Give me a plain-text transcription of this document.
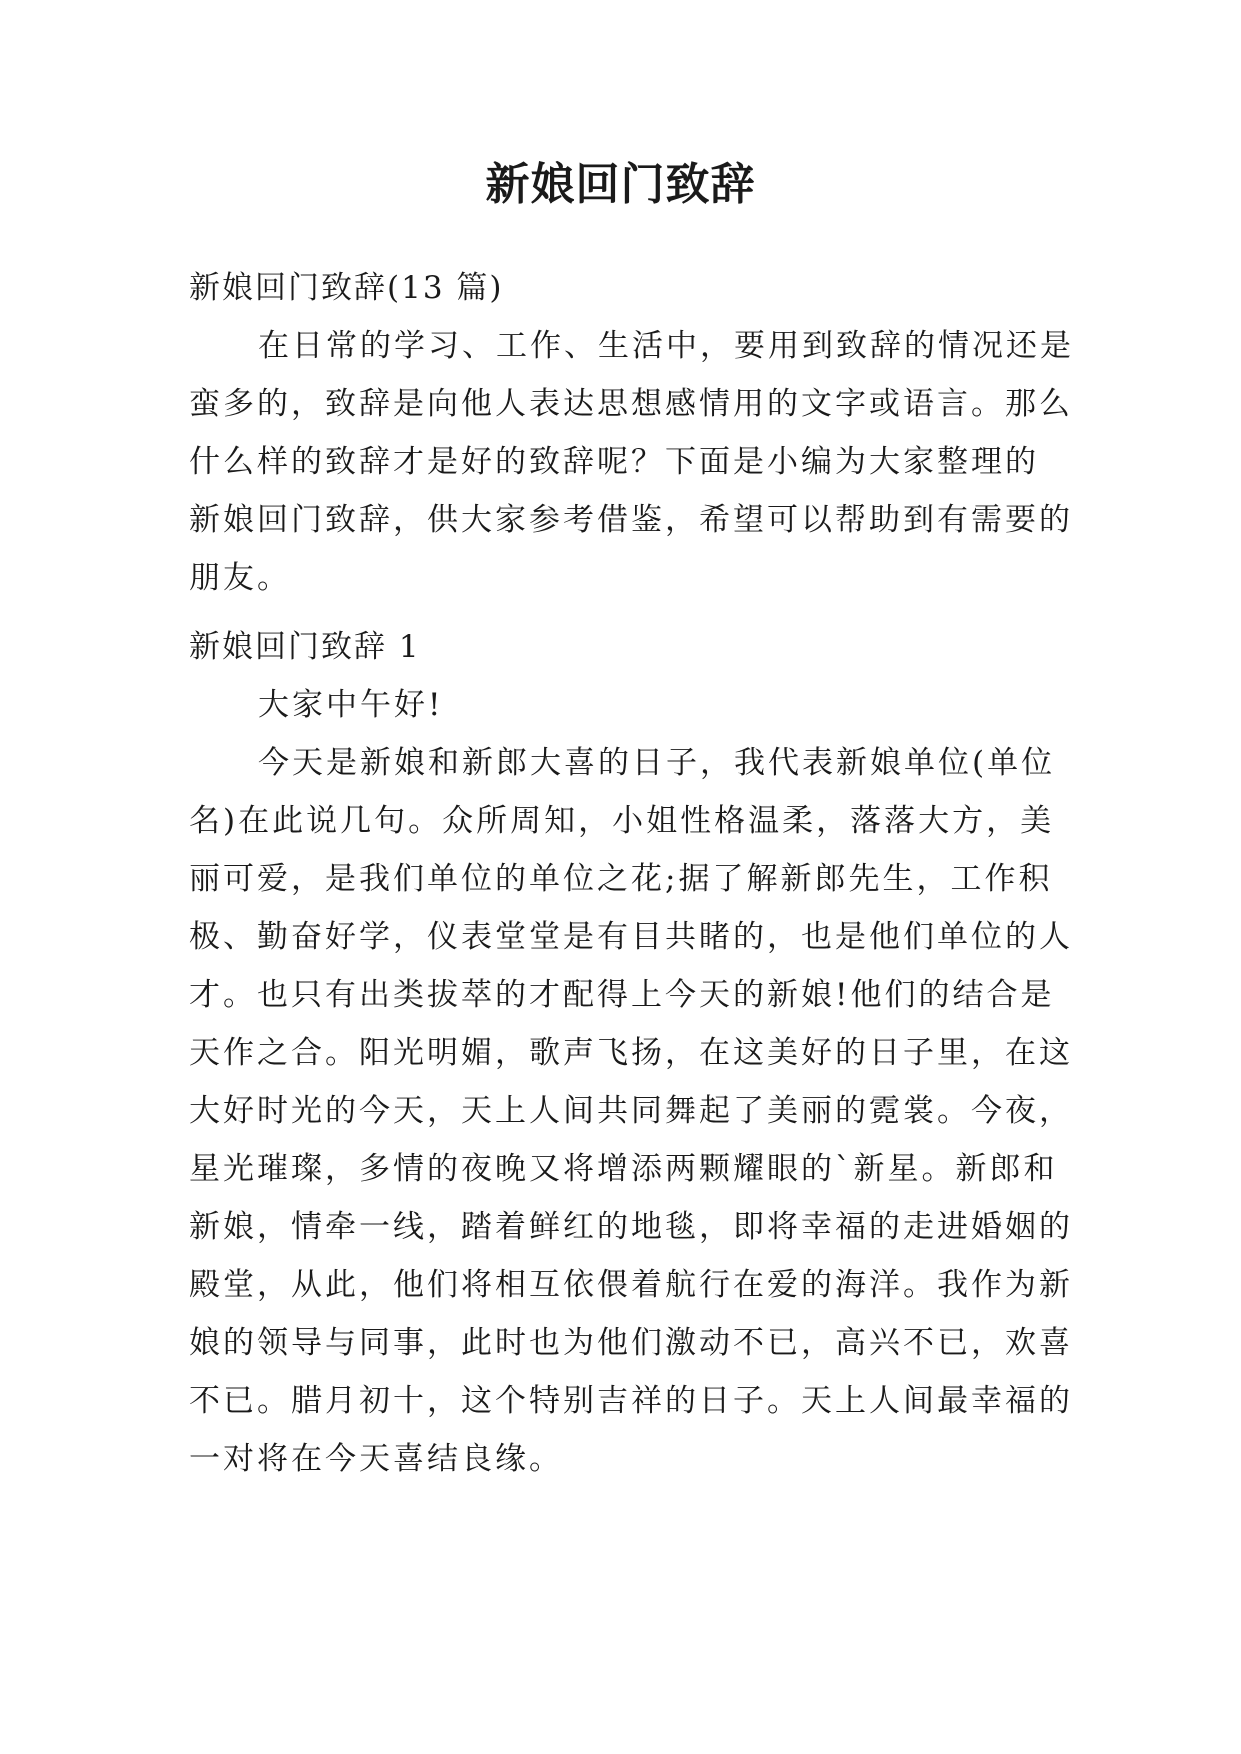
新娘回门致辞
新娘回门致辞(13 篇)
在日常的学习、工作、生活中，要用到致辞的情况还是
蛮多的，致辞是向他人表达思想感情用的文字或语言。那么
什么样的致辞才是好的致辞呢？下面是小编为大家整理的
新娘回门致辞，供大家参考借鉴，希望可以帮助到有需要的
朋友。
新娘回门致辞 1
大家中午好!
今天是新娘和新郎大喜的日子，我代表新娘单位(单位
名)在此说几句。众所周知，小姐性格温柔，落落大方，美
丽可爱，是我们单位的单位之花;据了解新郎先生，工作积
极、勤奋好学，仪表堂堂是有目共睹的，也是他们单位的人
才。也只有出类拔萃的才配得上今天的新娘!他们的结合是
天作之合。阳光明媚，歌声飞扬，在这美好的日子里，在这
大好时光的今天，天上人间共同舞起了美丽的霓裳。今夜，
星光璀璨，多情的夜晚又将增添两颗耀眼的`新星。新郎和
新娘，情牵一线，踏着鲜红的地毯，即将幸福的走进婚姻的
殿堂，从此，他们将相互依偎着航行在爱的海洋。我作为新
娘的领导与同事，此时也为他们激动不已，高兴不已，欢喜
不已。腊月初十，这个特别吉祥的日子。天上人间最幸福的
一对将在今天喜结良缘。
